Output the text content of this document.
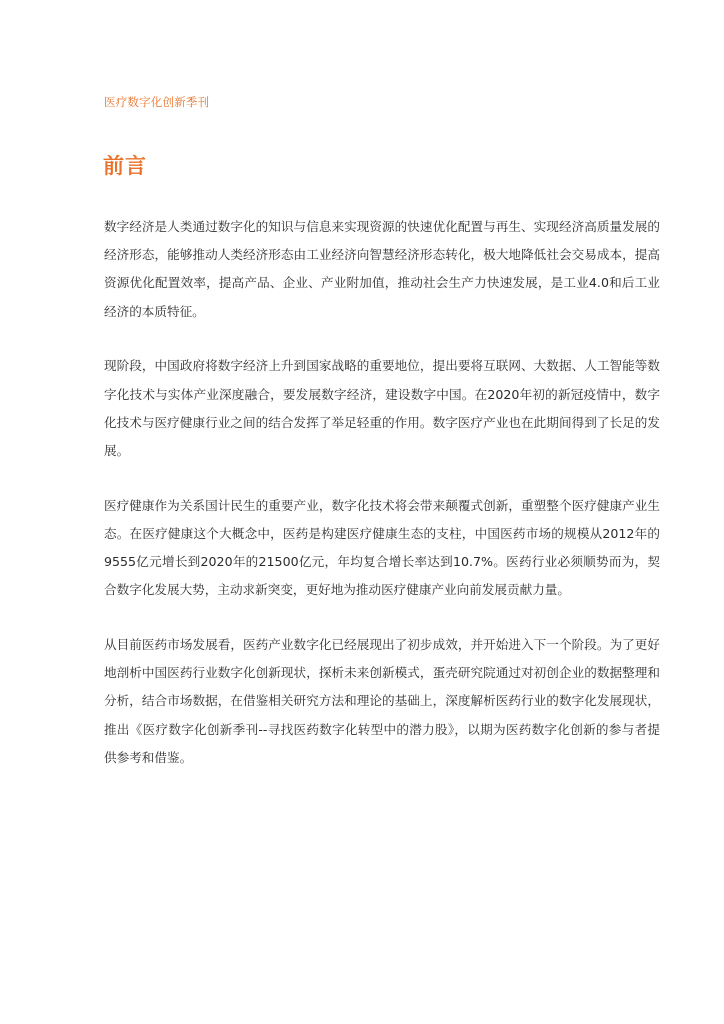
医疗数字化创新季刊
前言

数字经济是人类通过数字化的知识与信息来实现资源的快速优化配置与再生、实现经济高质量发展的经济形态，能够推动人类经济形态由工业经济向智慧经济形态转化，极大地降低社会交易成本，提高资源优化配置效率，提高产品、企业、产业附加值，推动社会生产力快速发展，是工业4.0和后工业经济的本质特征。

现阶段，中国政府将数字经济上升到国家战略的重要地位，提出要将互联网、大数据、人工智能等数字化技术与实体产业深度融合，要发展数字经济，建设数字中国。在2020年初的新冠疫情中，数字化技术与医疗健康行业之间的结合发挥了举足轻重的作用。数字医疗产业也在此期间得到了长足的发展。

医疗健康作为关系国计民生的重要产业，数字化技术将会带来颠覆式创新，重塑整个医疗健康产业生态。在医疗健康这个大概念中，医药是构建医疗健康生态的支柱，中国医药市场的规模从2012年的9555亿元增长到2020年的21500亿元，年均复合增长率达到10.7%。医药行业必须顺势而为，契合数字化发展大势，主动求新突变，更好地为推动医疗健康产业向前发展贡献力量。

从目前医药市场发展看，医药产业数字化已经展现出了初步成效，并开始进入下一个阶段。为了更好地剖析中国医药行业数字化创新现状，探析未来创新模式，蛋壳研究院通过对初创企业的数据整理和分析，结合市场数据，在借鉴相关研究方法和理论的基础上，深度解析医药行业的数字化发展现状，推出《医疗数字化创新季刊--寻找医药数字化转型中的潜力股》，以期为医药数字化创新的参与者提供参考和借鉴。
